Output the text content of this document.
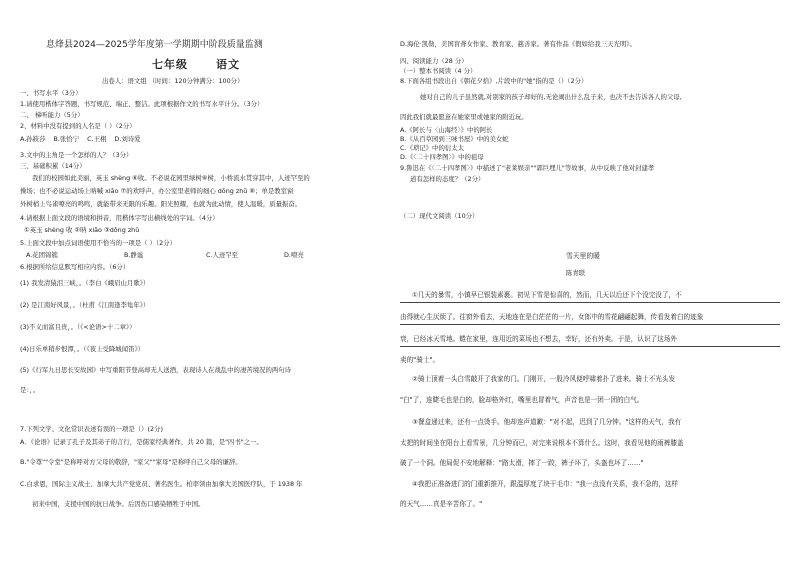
息烽县2024—2025学年度第一学期期中阶段质量监测
七年级	语文
出卷人：语文组 （时间：120分钟满分：100分）
一、书写水平（3分）
1.请使用楷体字答题，书写规范、端正、整洁。此项根据作文的书写水平计分。（3分）
二、 梯听能力（5分）
2、材料中没有提到的人名是（ ）（2分）
A.孙筱莎 B.张恰宁 C.王栩 D.刘诗爱
3.文中的主角是一个怎样的人？（3分）
三、基础积累（14分）
我们的校园如此美丽，英玉 shèng ⑥收。不必说花园里绿树⑥树，小桥流水贯穿其中，人迹罕至的
操场；也不必说运动场上呐喊 xiāo ⑦的欢呼声，办公室里老师的细心 dǒng zhǔ ⑧；单是教室窗
外树梢上鸟雀嘹亮的鸣鸣，就能带来无限的乐趣。阳光照耀，也就为此动情，使人温暖，质量振奋。
4.请根据上面文段的语境和拼音，用楷体字写出横线处的字词。（4分）
①英玉 shèng 收 ②呐 xiāo ③dǒng zhǔ
5.上面文段中加点词语使用不恰当的一项是（ ）（2分）
A.花团锦簇	B.静谧	C.人迹罕至	D.嘹亮
6.根据所给信息默写相应内容。（6分）
(1) 我发清猿泪三峡，。（李白《峨眉山月歌》）
(2) 是江南好风景，。（杜甫《江南逢李龟年》）
(3)不义而富且贵，。（《<论语>十二章》）
(4)日乐单稍步恨潭，。（《夜上受降城闻笛》）
(5)《行军九日思长安故园》中写重阳节登高却无人送酒，表现诗人在战乱中的凄苦境况的两句诗
是：，。
7.下列文学、文化常识表述有误的一项是（）(2分)
A．《论语》记录了孔子及其弟子的言行，是儒家经典著作，共 20 篇，是"四书"之一。
B."令尊""令堂"是称呼对方父母的敬辞，"家父""家母"是称呼自己父母的谦辞。
C.白求恩，国际主义战士、加拿大共产党党员、著名医生。柏率领由加拿大美国医疗队，于 1938 年
初来中国，支援中国的抗日战争。后因伤口感染牺牲于中国。
D.海伦·凯勒，美国盲聋女作家、教育家、慈善家。著有作品《假如给我三天光明》。
四、阅读能力（28 分）
（一）整本书阅读（4 分）
8.下面各组书段出自《朝花夕拾》,片段中的"她"指的是（）（2分）
她对自己的儿子虽然就,对别家的孩子却好的,无论闹出什么乱子来，也决不去告诉各人的父母,
因此我们就最愿意在她家里或她家的附近玩。
A.《阿长与〈山海经〉》中的阿长
B.《从百草园到三味书屋》中的美女蛇
C.《琐记》中的衍太太
D.《〈二十四孝图〉》中的祖母
9.鲁迅在《〈二十四孝图〉》中描述了"老莱娱亲""郭巨埋儿"等故事，从中反映了他对封建孝
道有怎样的态度？（2分）
（二）现代文阅读（10分）
雪天里的暖
陈青联
①几天的暴雪，小镇早已银装素裹。初见下雪是惊喜的，然而，几天以后还下个没完没了，不
由得就心生厌烦了。往窗外看去，天地连在是白茫茫的一片，女郎中的雪花翩翩起舞，传看发着白的迹象
衰，已经冰天雪地。蜷在家里，连用近的菜场也不想去，幸好，还有外卖。于是，认识了这场外
卖的"骑士"。
②骑士顶着一头白雪敲开了我家的门。门刚开，一股冷风便呼啸着扑了进来。骑士不光头发
"白"了，连睫毛也是白的，脸却格外红，嘴里也冒着气，声音也是一团一团的白气。
③餐盒递过来，还有一点烫手。他却连声道歉："对不起，迟到了几分钟。"这样的天气，我有
太把的时间坐在阳台上看雪景，几分钟而已，对完来说根本不算什么。这时，我看见他的雨裤膝盖
破了一个洞。他局促不安地解释："路太滑，摔了一跤，裤子坏了，头盔也坏了……"
④我把正准备进门的门重新推开，跟温厚度了块干毛巾："我一点没有关系，我不急的，这样
的天气……真是辛苦你了。"
